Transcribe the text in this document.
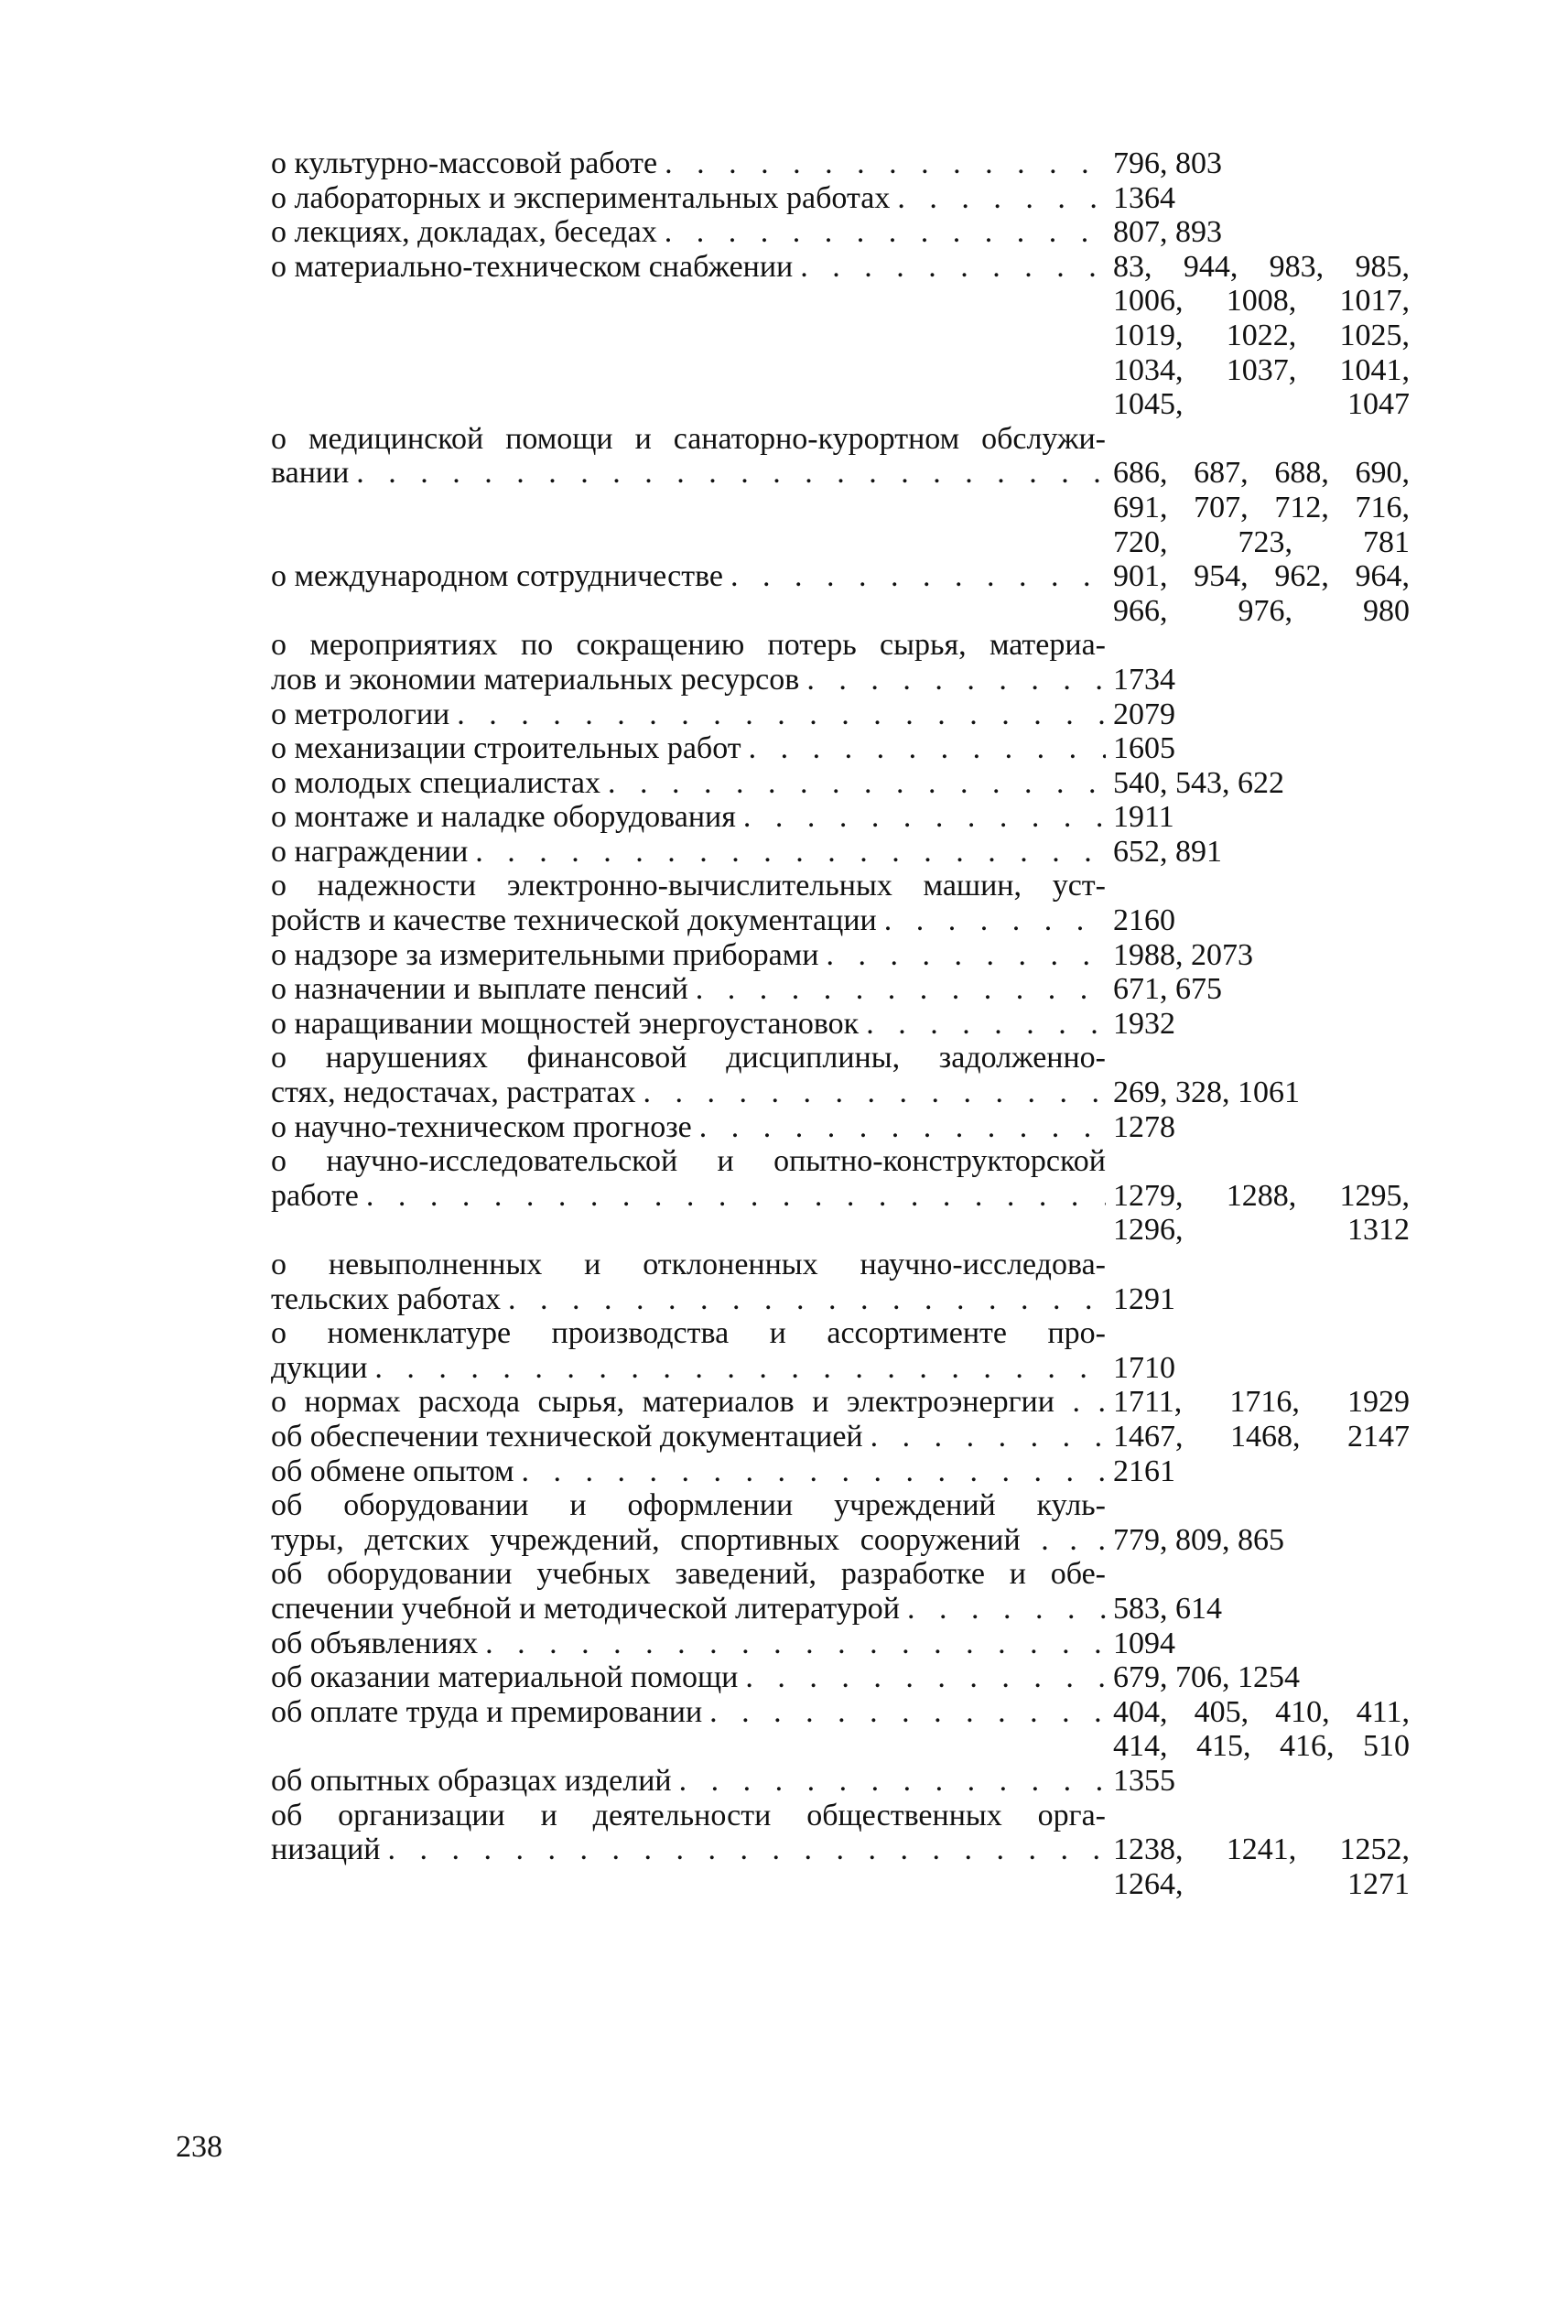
о культурно-массовой работе . . .	796, 803
о лабораторных и экспериментальных работах . . .	1364
о лекциях, докладах, беседах . . .	807, 893
о материально-техническом снабжении . . .	83, 944, 983, 985,
1006, 1008, 1017,
1019, 1022, 1025,
1034, 1037, 1041,
1045, 1047
о медицинской помощи и санаторно-курортном обслужи-
вании . . .
	686, 687, 688, 690,
691, 707, 712, 716,
720, 723, 781
о международном сотрудничестве . . .	901, 954, 962, 964,
966, 976, 980
о мероприятиях по сокращению потерь сырья, материа-
лов и экономии материальных ресурсов . . .
	1734
о метрологии . . .	2079
о механизации строительных работ . . .	1605
о молодых специалистах . . .	540, 543, 622
о монтаже и наладке оборудования . . .	1911
о награждении . . .	652, 891
о надежности электронно-вычислительных машин, уст-
ройств и качестве технической документации . . .
	2160
о надзоре за измерительными приборами . . .	1988, 2073
о назначении и выплате пенсий . . .	671, 675
о наращивании мощностей энергоустановок . . .	1932
о нарушениях финансовой дисциплины, задолженно-
стях, недостачах, растратах . . .
	269, 328, 1061
о научно-техническом прогнозе . . .	1278
о научно-исследовательской и опытно-конструкторской
работе . . .
	1279, 1288, 1295,
1296, 1312
о невыполненных и отклоненных научно-исследова-
тельских работах . . .
	1291
о номенклатуре производства и ассортименте про-
дукции . . .
	1710
о нормах расхода сырья, материалов и электроэнергии . . 1711, 1716, 1929
об обеспечении технической документацией . . .	1467, 1468, 2147
об обмене опытом . . .	2161
об оборудовании и оформлении учреждений куль-
туры, детских учреждений, спортивных сооружений . . .
779, 809, 865
об оборудовании учебных заведений, разработке и обе-
спечении учебной и методической литературой . . .
	583, 614
об объявлениях . . .	1094
об оказании материальной помощи . . .	679, 706, 1254
об оплате труда и премировании . . .	404, 405, 410, 411,
414, 415, 416, 510
об опытных образцах изделий . . .	1355
об организации и деятельности общественных орга-
низаций . . .
	1238, 1241, 1252,
1264, 1271
238
